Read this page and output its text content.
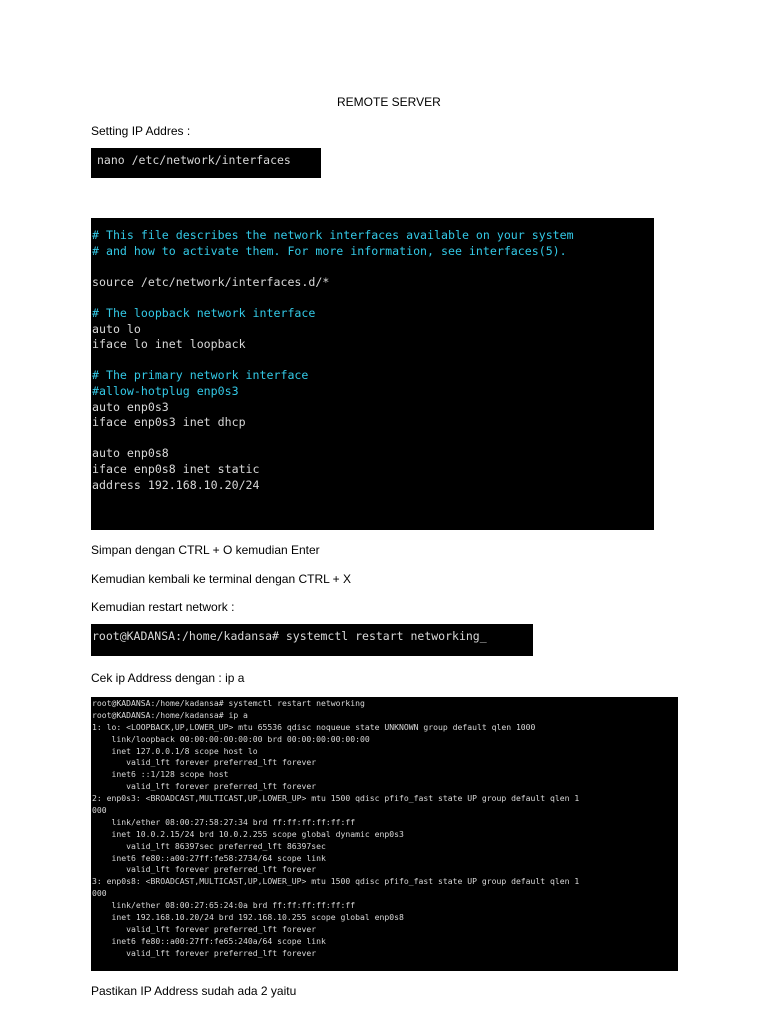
REMOTE SERVER
Setting IP Addres :

nano /etc/network/interfaces

# This file describes the network interfaces available on your system
# and how to activate them. For more information, see interfaces(5).
source /etc/network/interfaces.d/*
# The loopback network interface
auto lo
iface lo inet loopback
# The primary network interface
#allow-hotplug enp0s3
auto enp0s3
iface enp0s3 inet dhcp
auto enp0s8
iface enp0s8 inet static
address 192.168.10.20/24

Simpan dengan CTRL + O kemudian Enter
Kemudian kembali ke terminal dengan CTRL + X
Kemudian restart network :

root@KADANSA:/home/kadansa# systemctl restart networking_

Cek ip Address dengan : ip a

root@KADANSA:/home/kadansa# systemctl restart networking
root@KADANSA:/home/kadansa# ip a
1: lo: <LOOPBACK,UP,LOWER_UP> mtu 65536 qdisc noqueue state UNKNOWN group default qlen 1000
link/loopback 00:00:00:00:00:00 brd 00:00:00:00:00:00
inet 127.0.0.1/8 scope host lo
valid_lft forever preferred_lft forever
inet6 ::1/128 scope host
valid_lft forever preferred_lft forever
2: enp0s3: <BROADCAST,MULTICAST,UP,LOWER_UP> mtu 1500 qdisc pfifo_fast state UP group default qlen 1
000
link/ether 08:00:27:58:27:34 brd ff:ff:ff:ff:ff:ff
inet 10.0.2.15/24 brd 10.0.2.255 scope global dynamic enp0s3
valid_lft 86397sec preferred_lft 86397sec
inet6 fe80::a00:27ff:fe58:2734/64 scope link
valid_lft forever preferred_lft forever
3: enp0s8: <BROADCAST,MULTICAST,UP,LOWER_UP> mtu 1500 qdisc pfifo_fast state UP group default qlen 1
000
link/ether 08:00:27:65:24:0a brd ff:ff:ff:ff:ff:ff
inet 192.168.10.20/24 brd 192.168.10.255 scope global enp0s8
valid_lft forever preferred_lft forever
inet6 fe80::a00:27ff:fe65:240a/64 scope link
valid_lft forever preferred_lft forever

Pastikan IP Address sudah ada 2 yaitu
